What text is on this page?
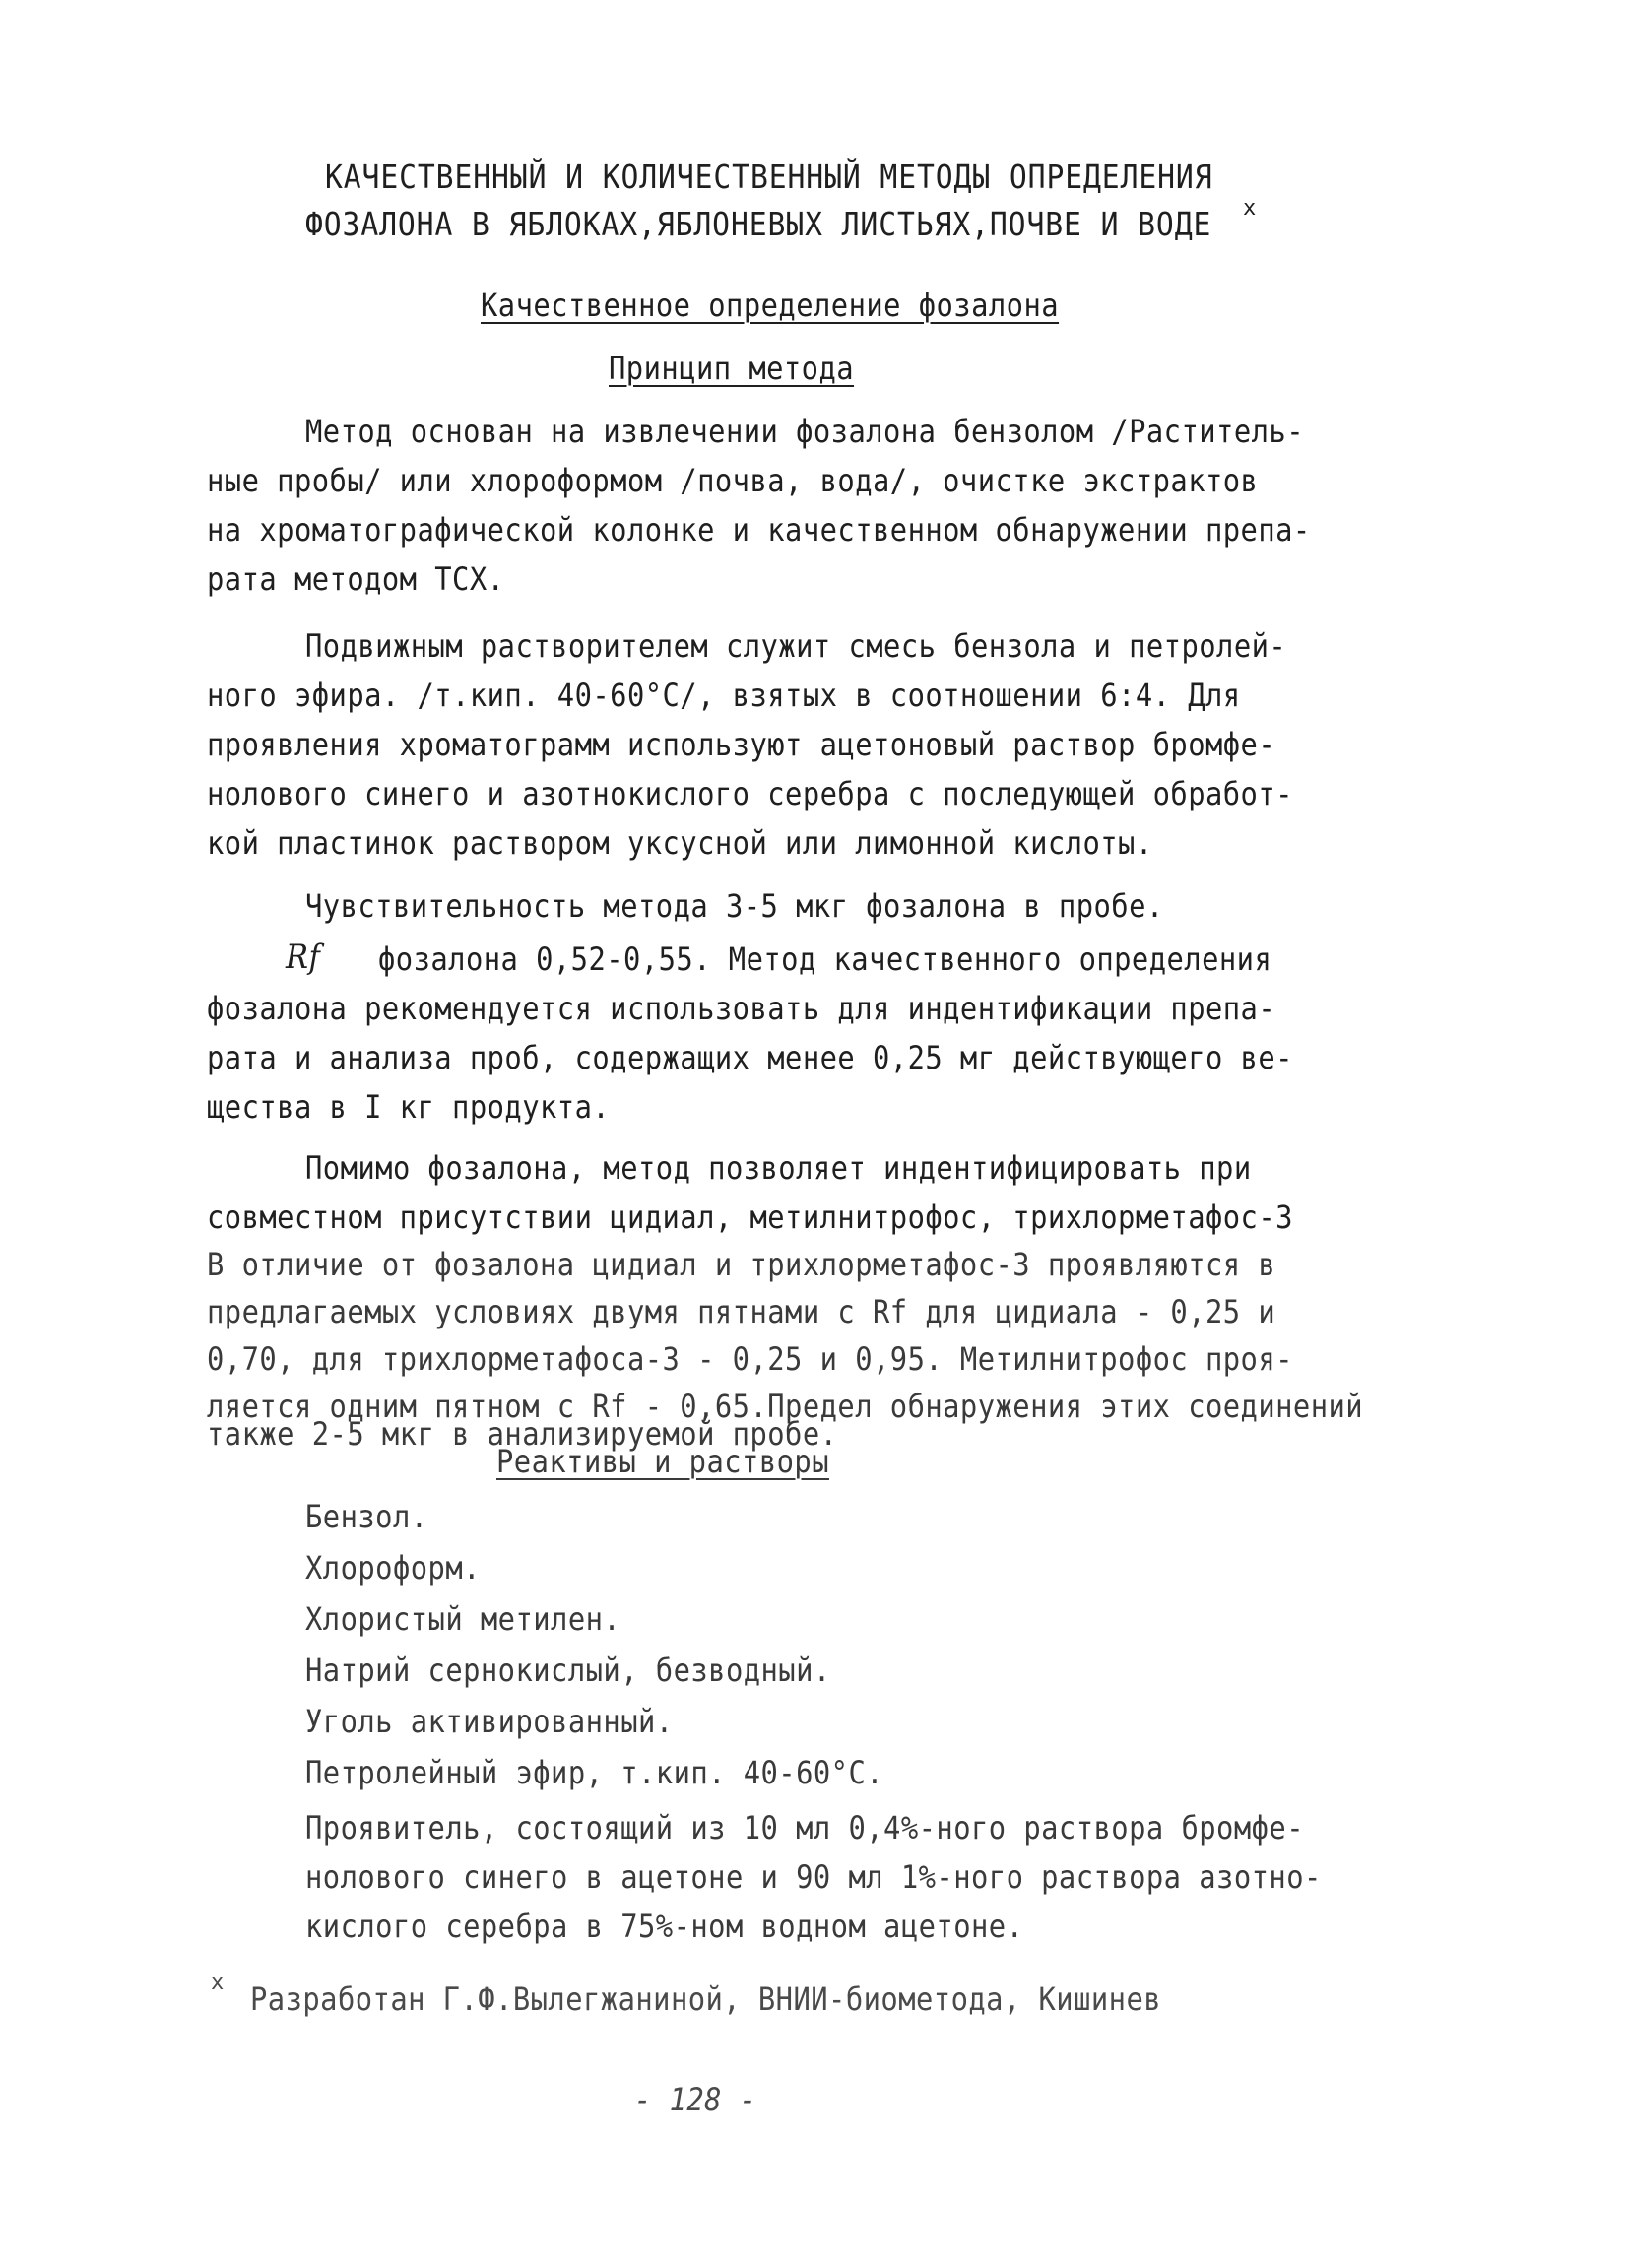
КАЧЕСТВЕННЫЙ И КОЛИЧЕСТВЕННЫЙ МЕТОДЫ ОПРЕДЕЛЕНИЯ
ФОЗАЛОНА В ЯБЛОКАХ,ЯБЛОНЕВЫХ ЛИСТЬЯХ,ПОЧВЕ И ВОДЕ x
Качественное определение фозалона
Принцип метода
Метод основан на извлечении фозалона бензолом /Раститель-
ные пробы/ или хлороформом /почва, вода/, очистке экстрактов
на хроматографической колонке и качественном обнаружении препа-
рата методом ТСХ.
Подвижным растворителем служит смесь бензола и петролей-
ного эфира. /т.кип. 40-60°С/, взятых в соотношении 6:4. Для
проявления хроматограмм используют ацетоновый раствор бромфе-
нолового синего и азотнокислого серебра с последующей обработ-
кой пластинок раствором уксусной или лимонной кислоты.
Чувствительность метода 3-5 мкг фозалона в пробе.
Rf фозалона 0,52-0,55. Метод качественного определения
фозалона рекомендуется использовать для индентификации препа-
рата и анализа проб, содержащих менее 0,25 мг действующего ве-
щества в I кг продукта.
Помимо фозалона, метод позволяет индентифицировать при
совместном присутствии цидиал, метилнитрофос, трихлорметафос-3
В отличие от фозалона цидиал и трихлорметафос-3 проявляются в
предлагаемых условиях двумя пятнами с Rf для цидиала - 0,25 и
0,70, для трихлорметафоса-3 - 0,25 и 0,95. Метилнитрофос проя-
ляется одним пятном с Rf - 0,65.Предел обнаружения этих соединений
также 2-5 мкг в анализируемой пробе.
Реактивы и растворы
Бензол.
Хлороформ.
Хлористый метилен.
Натрий сернокислый, безводный.
Уголь активированный.
Петролейный эфир, т.кип. 40-60°С.
Проявитель, состоящий из 10 мл 0,4%-ного раствора бромфе-
нолового синего в ацетоне и 90 мл 1%-ного раствора азотно-
кислого серебра в 75%-ном водном ацетоне.
x Разработан Г.Ф.Вылегжаниной, ВНИИ-биометода, Кишинев
- 128 -
